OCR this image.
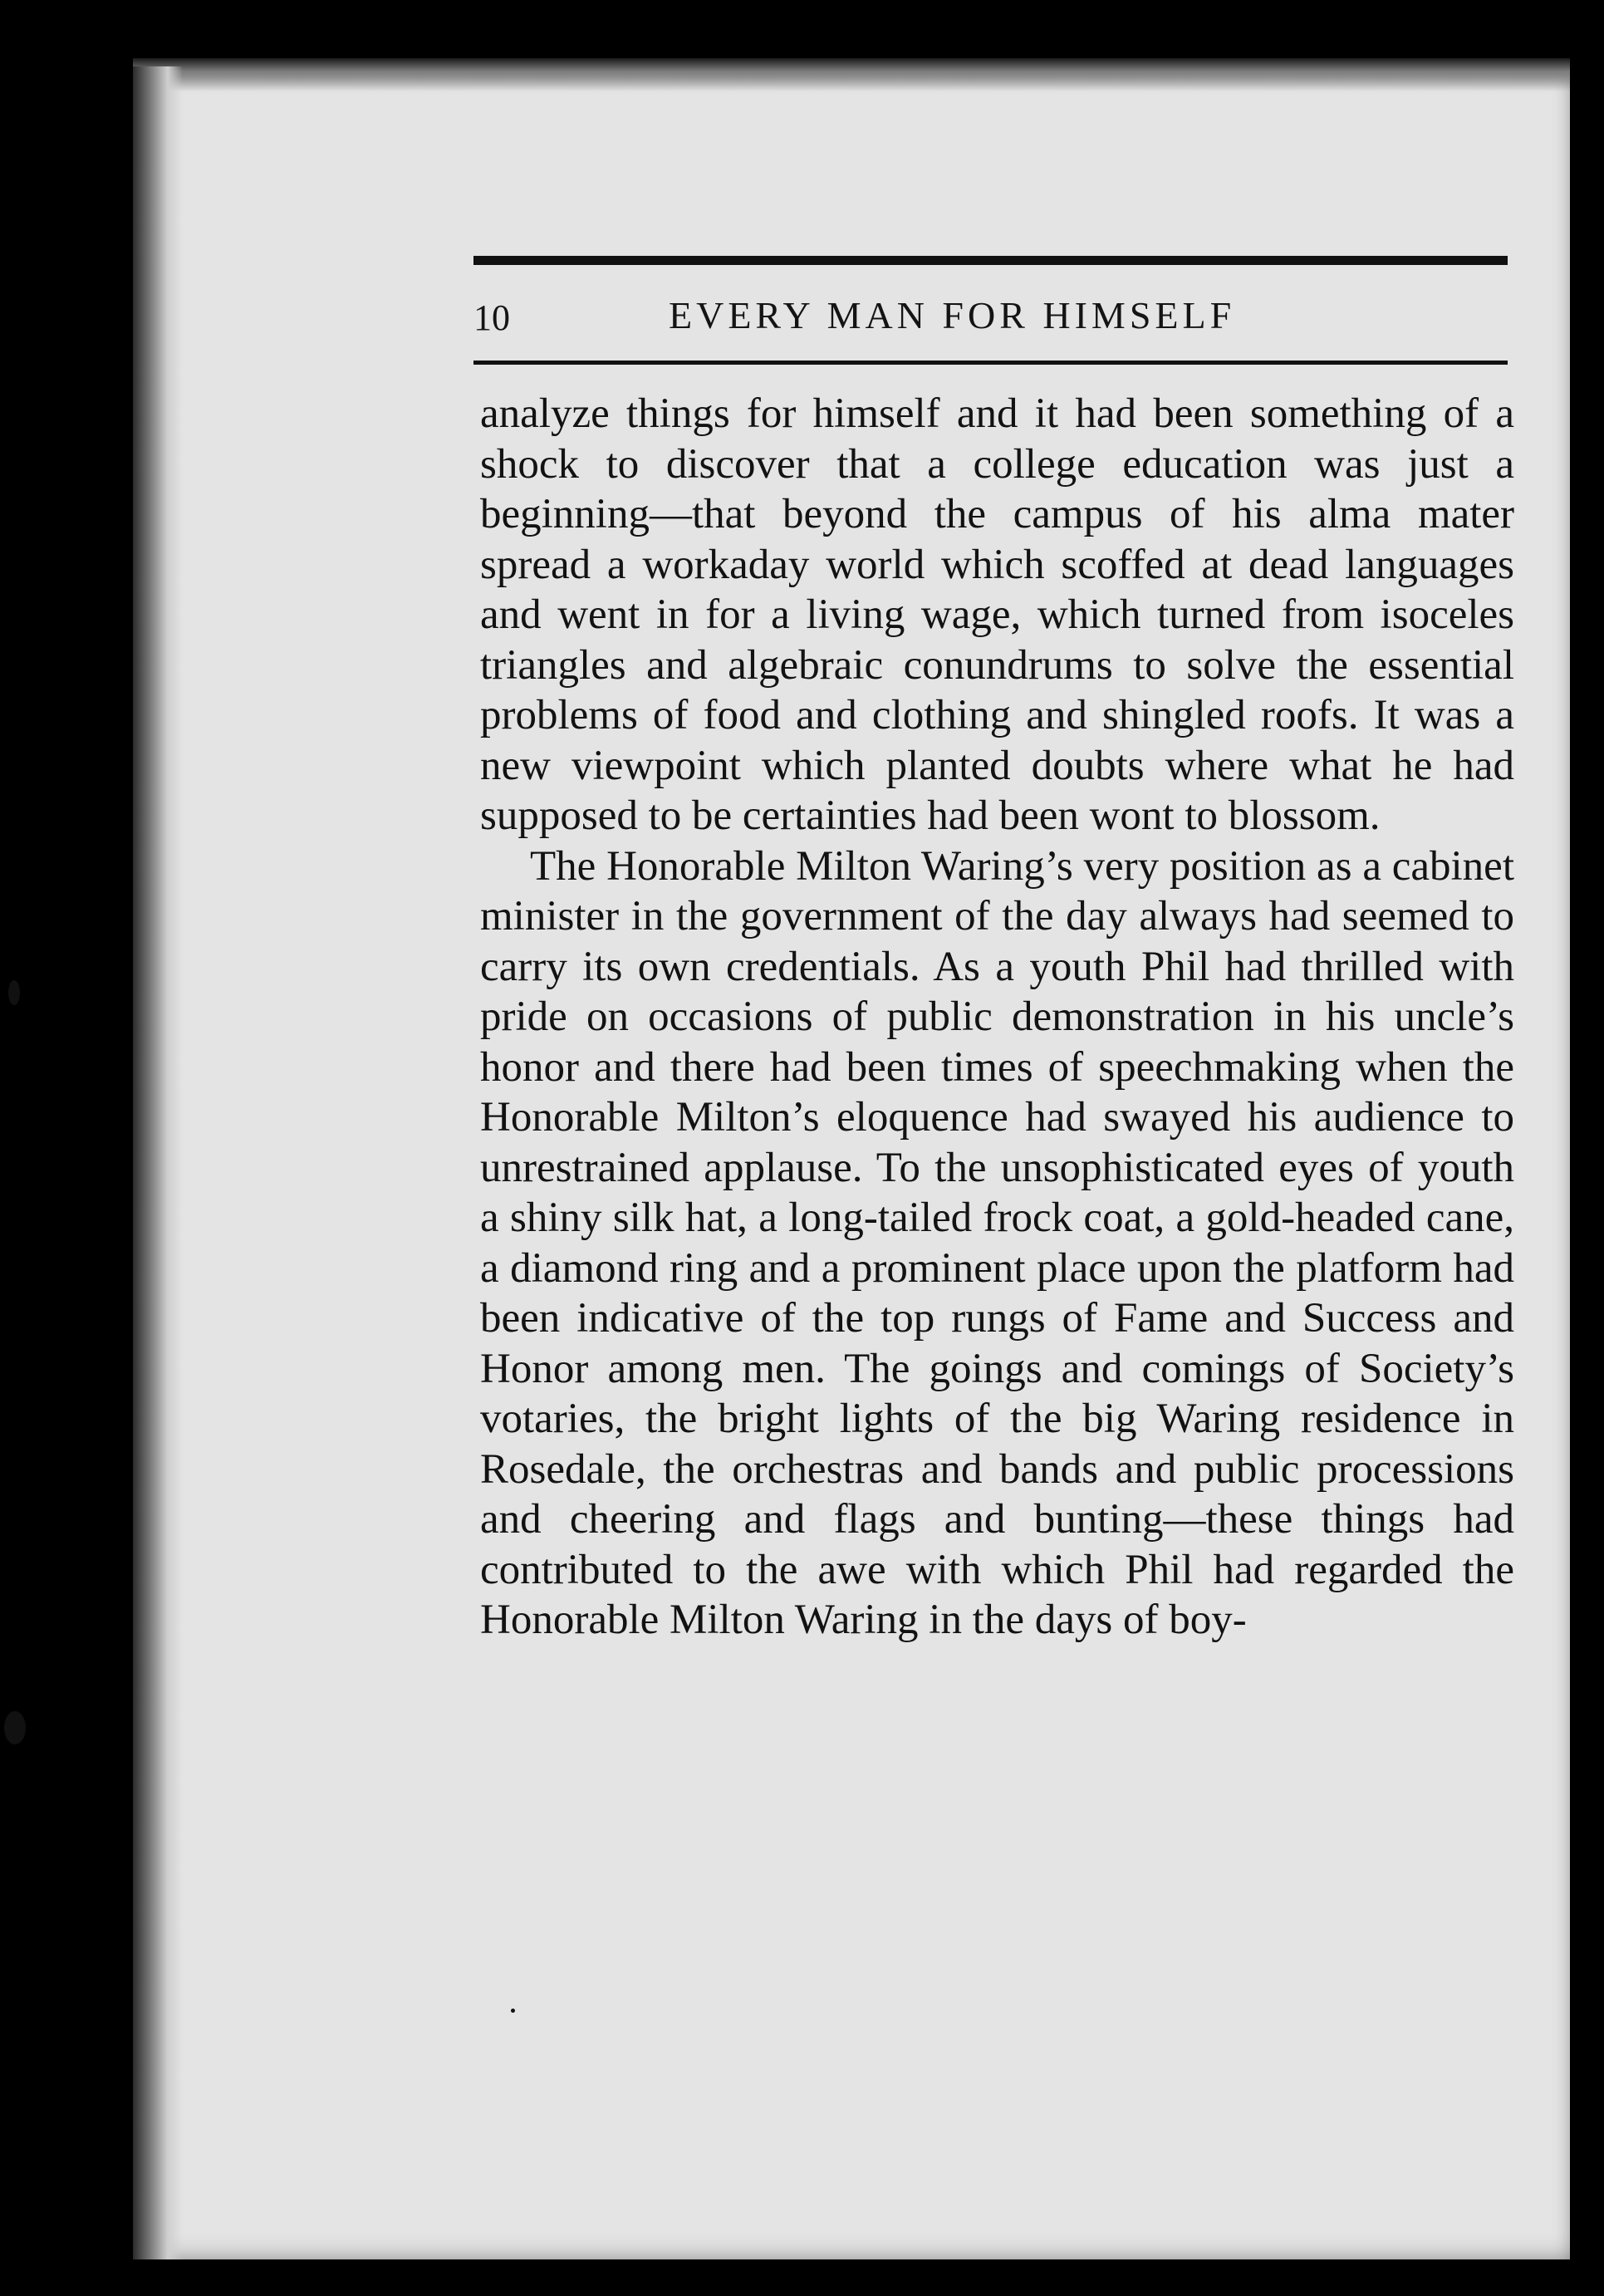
10	EVERY MAN FOR HIMSELF

analyze things for himself and it had been something of a shock to discover that a college education was just a beginning—that beyond the campus of his alma mater spread a workaday world which scoffed at dead languages and went in for a living wage, which turned from isoceles triangles and algebraic conundrums to solve the essential problems of food and clothing and shingled roofs. It was a new viewpoint which planted doubts where what he had supposed to be certainties had been wont to blossom.

The Honorable Milton Waring’s very position as a cabinet minister in the government of the day always had seemed to carry its own credentials. As a youth Phil had thrilled with pride on occasions of public demonstration in his uncle’s honor and there had been times of speechmaking when the Honorable Milton’s eloquence had swayed his audience to unrestrained applause. To the unsophisticated eyes of youth a shiny silk hat, a long-tailed frock coat, a gold-headed cane, a diamond ring and a prominent place upon the platform had been indicative of the top rungs of Fame and Success and Honor among men. The goings and comings of Society’s votaries, the bright lights of the big Waring residence in Rosedale, the orchestras and bands and public processions and cheering and flags and bunting—these things had contributed to the awe with which Phil had regarded the Honorable Milton Waring in the days of boy-
